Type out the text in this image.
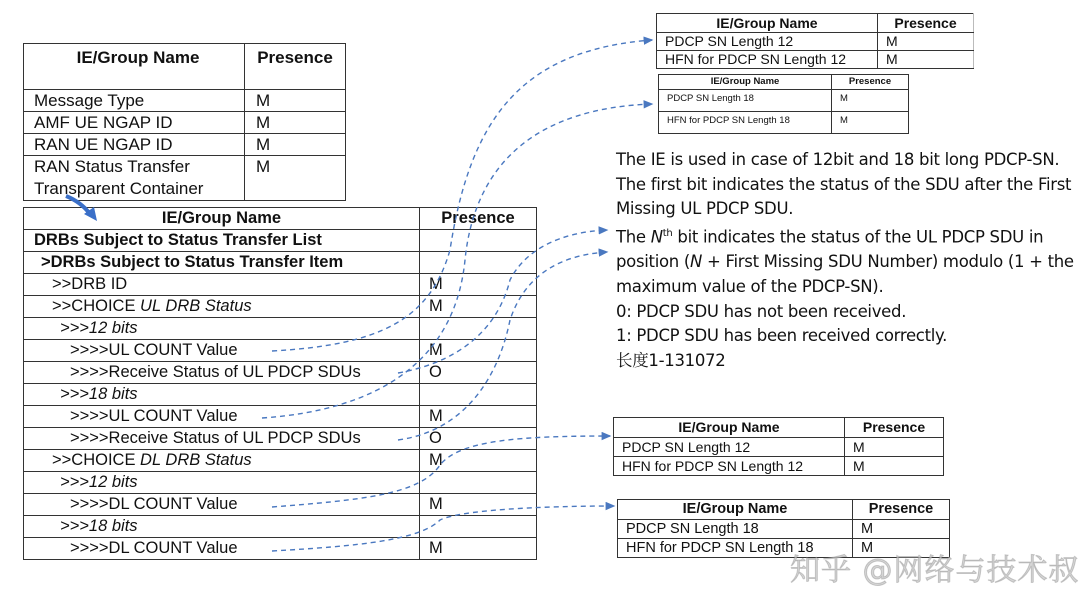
IE/Group Name	Presence
Message Type	M
AMF UE NGAP ID	M
RAN UE NGAP ID	M
RAN Status Transfer Transparent Container	M
IE/Group Name	Presence
DRBs Subject to Status Transfer List	
>DRBs Subject to Status Transfer Item	
>>DRB ID	M
>>CHOICE UL DRB Status	M
>>>12 bits	
>>>>UL COUNT Value	M
>>>>Receive Status of UL PDCP SDUs	O
>>>18 bits	
>>>>UL COUNT Value	M
>>>>Receive Status of UL PDCP SDUs	O
>>CHOICE DL DRB Status	M
>>>12 bits	
>>>>DL COUNT Value	M
>>>18 bits	
>>>>DL COUNT Value	M
IE/Group Name	Presence
PDCP SN Length 12	M
HFN for PDCP SN Length 12	M
IE/Group Name	Presence
PDCP SN Length 18	M
HFN for PDCP SN Length 18	M

The IE is used in case of 12bit and 18 bit long PDCP-SN.

The first bit indicates the status of the SDU after the First Missing UL PDCP SDU.

The $N^{th}$ bit indicates the status of the UL PDCP SDU in position (N + First Missing SDU Number) modulo (1 + the maximum value of the PDCP-SN).

0: PDCP SDU has not been received.

1: PDCP SDU has been received correctly.

长度1-131072

IE/Group Name	Presence
PDCP SN Length 12	M
HFN for PDCP SN Length 12	M
IE/Group Name	Presence
PDCP SN Length 18	M
HFN for PDCP SN Length 18	M
知乎 @网络与技术叔
